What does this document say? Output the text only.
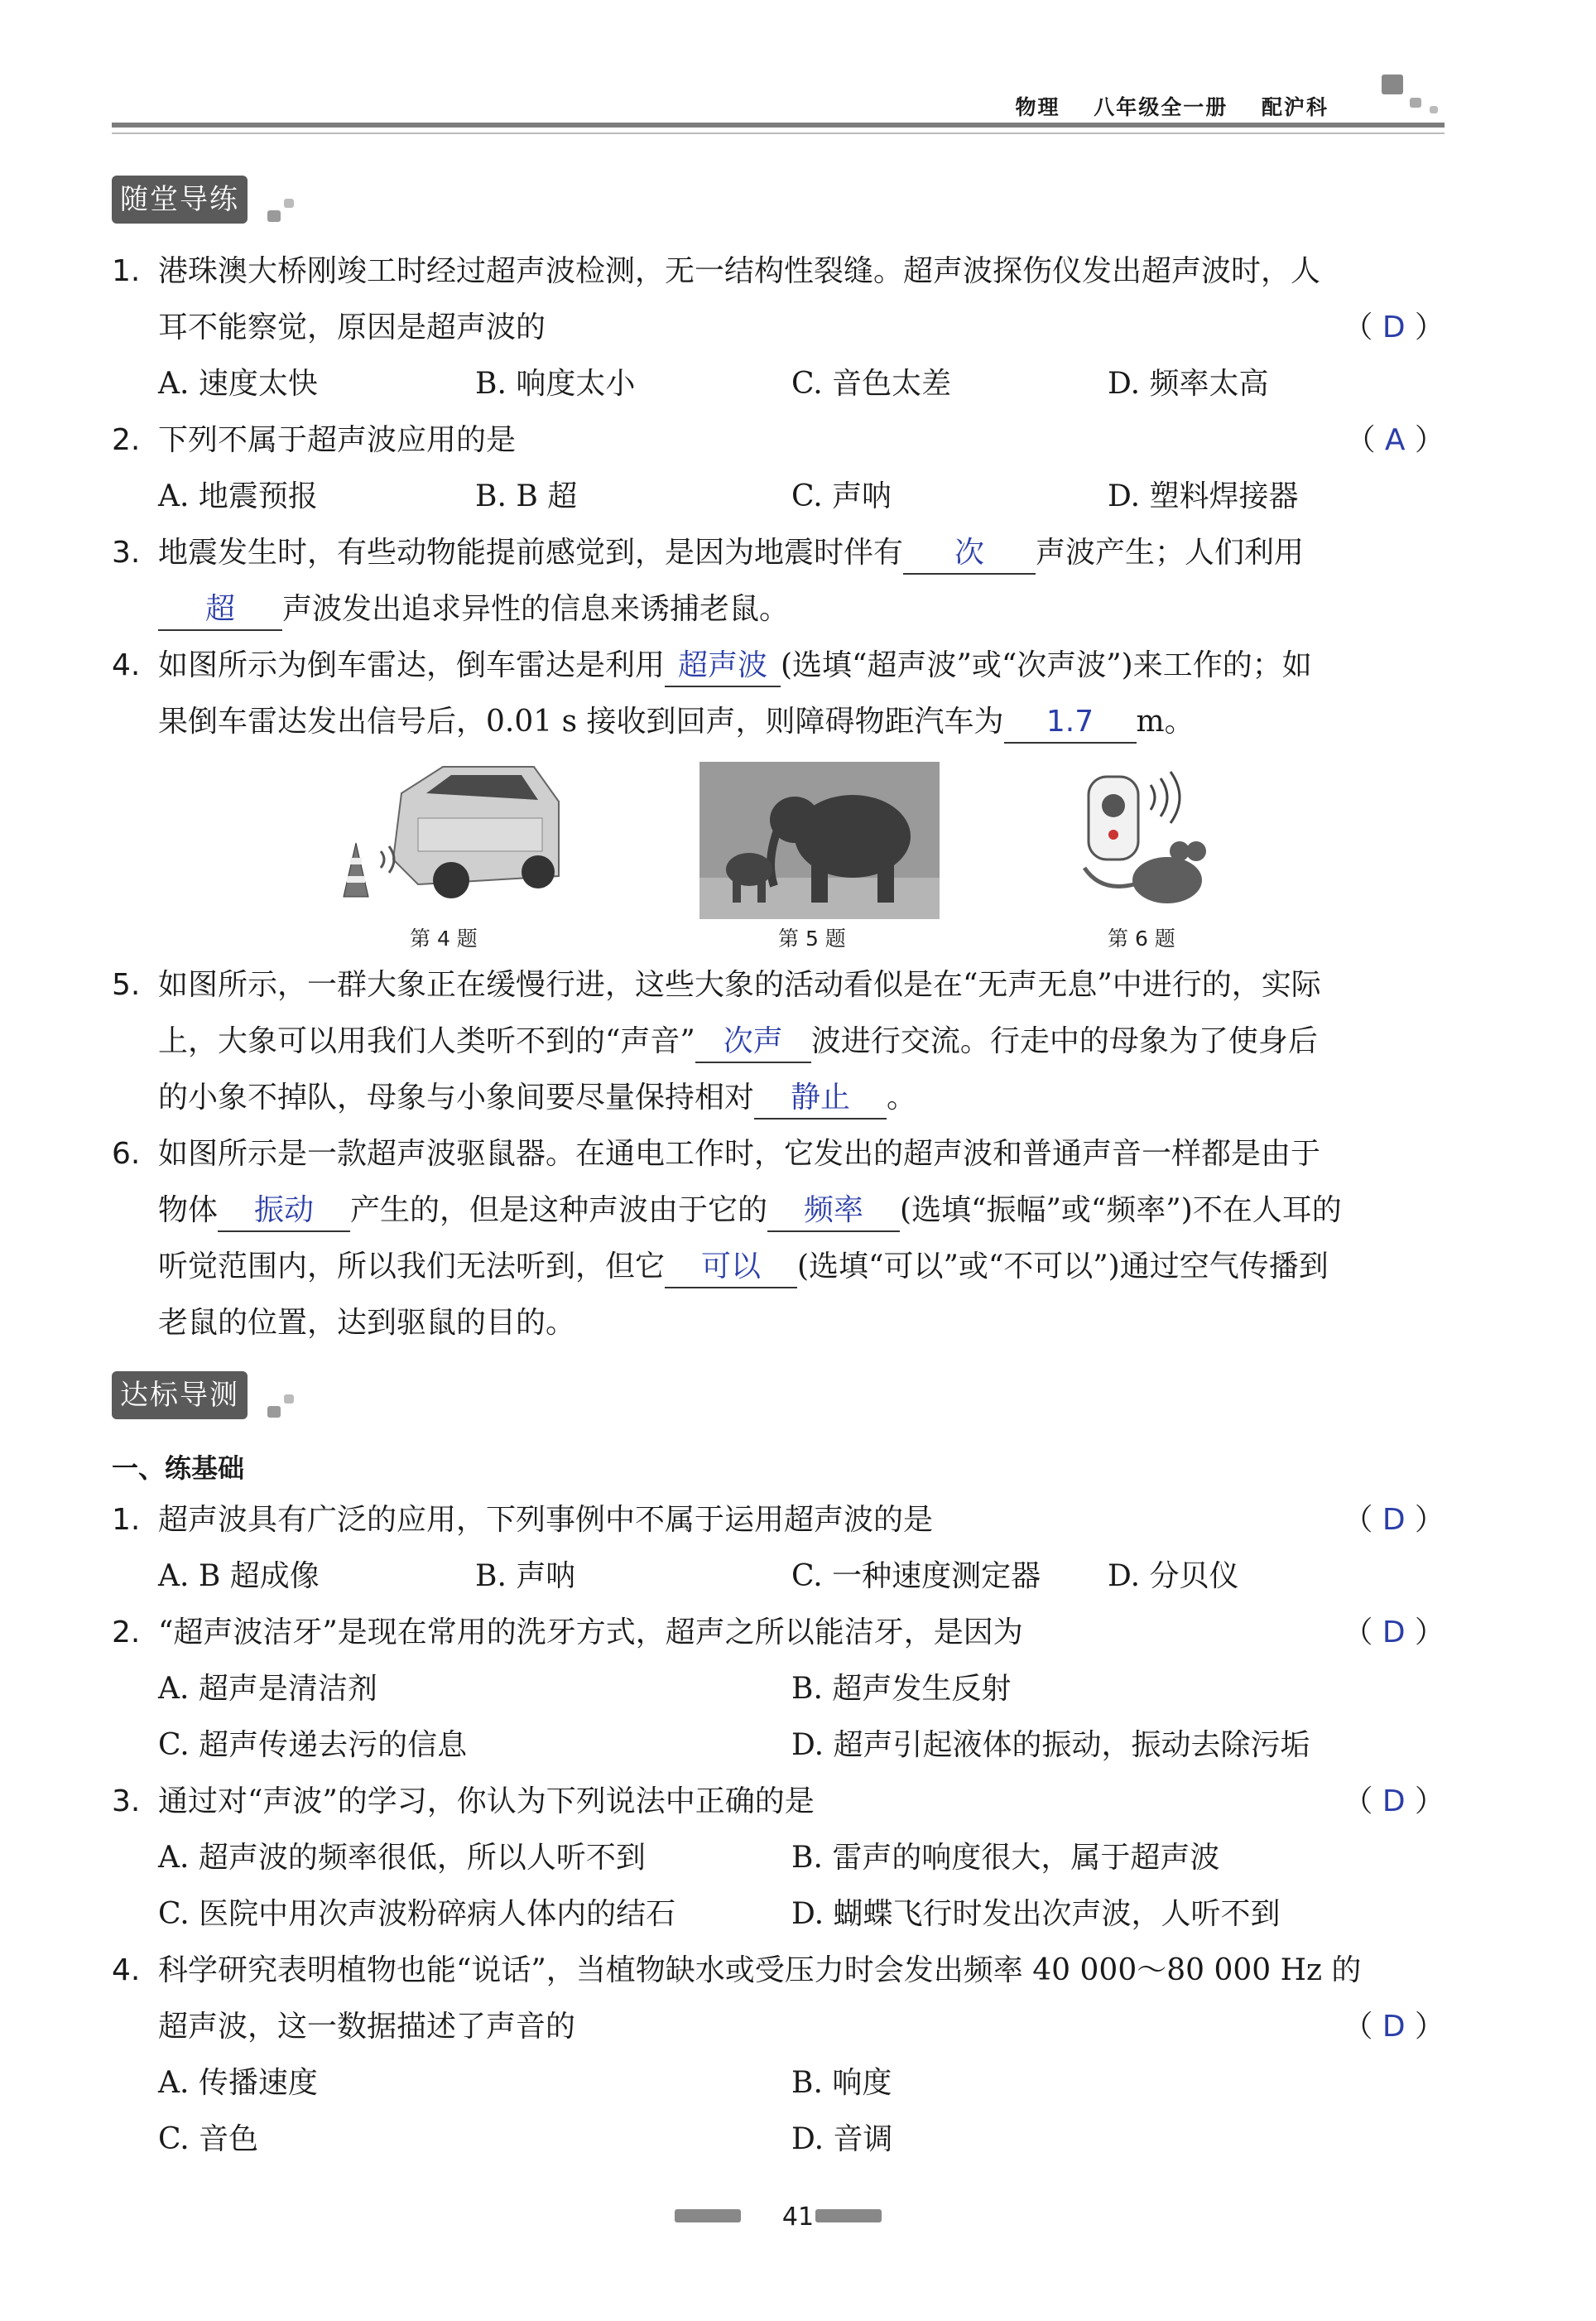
物理 八年级全一册 配沪科
随堂导练
1. 港珠澳大桥刚竣工时经过超声波检测，无一结构性裂缝。超声波探伤仪发出超声波时，人
耳不能察觉，原因是超声波的	（ D ）
A. 速度太快	B. 响度太小	C. 音色太差	D. 频率太高
2. 下列不属于超声波应用的是	（ A ）
A. 地震预报	B. B 超	C. 声呐	D. 塑料焊接器
3. 地震发生时，有些动物能提前感觉到，是因为地震时伴有 次 声波产生；人们利用
超 声波发出追求异性的信息来诱捕老鼠。
4. 如图所示为倒车雷达，倒车雷达是利用 超声波 (选填“超声波”或“次声波”)来工作的；如
果倒车雷达发出信号后，0.01 s 接收到回声，则障碍物距汽车为 1.7 m。
第 4 题	第 5 题	第 6 题
5. 如图所示，一群大象正在缓慢行进，这些大象的活动看似是在“无声无息”中进行的，实际
上，大象可以用我们人类听不到的“声音” 次声 波进行交流。行走中的母象为了使身后
的小象不掉队，母象与小象间要尽量保持相对 静止 。
6. 如图所示是一款超声波驱鼠器。在通电工作时，它发出的超声波和普通声音一样都是由于
物体 振动 产生的，但是这种声波由于它的 频率 (选填“振幅”或“频率”)不在人耳的
听觉范围内，所以我们无法听到，但它 可以 (选填“可以”或“不可以”)通过空气传播到
老鼠的位置，达到驱鼠的目的。
达标导测
一、练基础
1. 超声波具有广泛的应用，下列事例中不属于运用超声波的是	（ D ）
A. B 超成像	B. 声呐	C. 一种速度测定器 D. 分贝仪
2. “超声波洁牙”是现在常用的洗牙方式，超声之所以能洁牙，是因为	（ D ）
A. 超声是清洁剂	B. 超声发生反射
C. 超声传递去污的信息	D. 超声引起液体的振动，振动去除污垢
3. 通过对“声波”的学习，你认为下列说法中正确的是	（ D ）
A. 超声波的频率很低，所以人听不到	B. 雷声的响度很大，属于超声波
C. 医院中用次声波粉碎病人体内的结石	D. 蝴蝶飞行时发出次声波，人听不到
4. 科学研究表明植物也能“说话”，当植物缺水或受压力时会发出频率 40 000～80 000 Hz 的
超声波，这一数据描述了声音的	（ D ）
A. 传播速度	B. 响度
C. 音色	D. 音调
41
